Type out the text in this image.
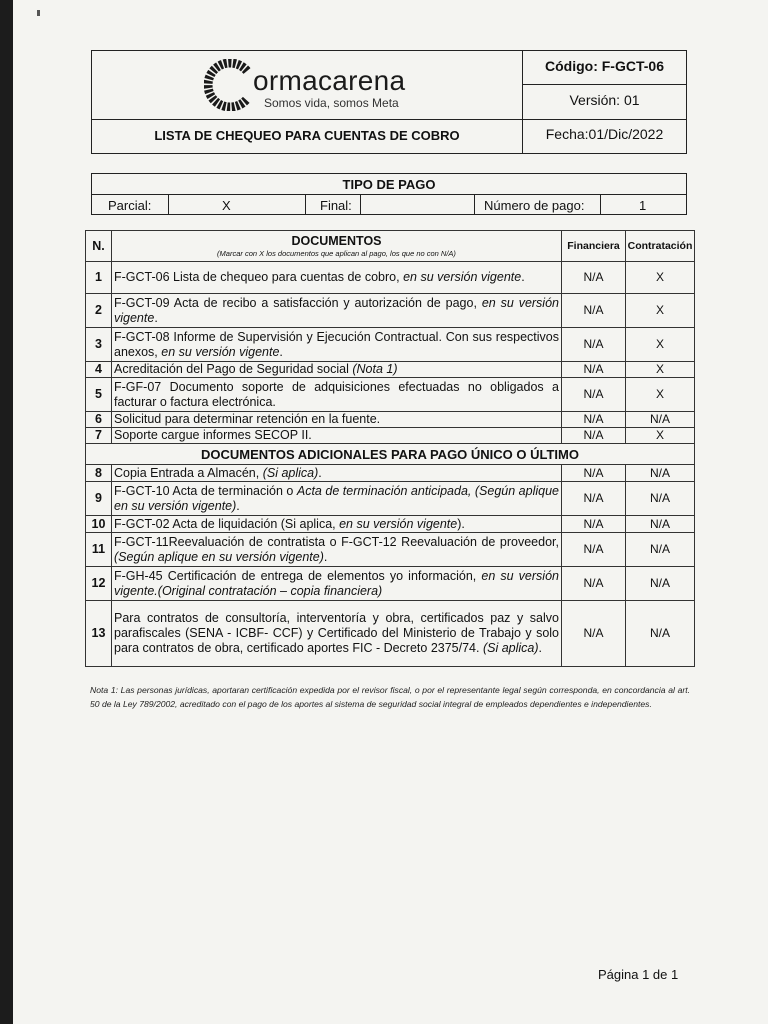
ormacarena
Somos vida, somos Meta
Código: F-GCT-06
Versión: 01
Fecha:01/Dic/2022
LISTA DE CHEQUEO PARA CUENTAS DE COBRO
TIPO DE PAGO
Parcial:	X	Final:	Número de pago:	1
N.	DOCUMENTOS
(Marcar con X los documentos que aplican al pago, los que no con N/A)	Financiera	Contratación
1	F-GCT-06 Lista de chequeo para cuentas de cobro, en su versión vigente.	N/A	X
2	F-GCT-09 Acta de recibo a satisfacción y autorización de pago, en su versión vigente.	N/A	X
3	F-GCT-08 Informe de Supervisión y Ejecución Contractual. Con sus respectivos anexos, en su versión vigente.	N/A	X
4	Acreditación del Pago de Seguridad social (Nota 1)	N/A	X
5	F-GF-07 Documento soporte de adquisiciones efectuadas no obligados a facturar o factura electrónica.	N/A	X
6	Solicitud para determinar retención en la fuente.	N/A	N/A
7	Soporte cargue informes SECOP II.	N/A	X
DOCUMENTOS ADICIONALES PARA PAGO ÚNICO O ÚLTIMO			
8	Copia Entrada a Almacén, (Si aplica).	N/A	N/A
9	F-GCT-10 Acta de terminación o Acta de terminación anticipada, (Según aplique en su versión vigente).	N/A	N/A
10	F-GCT-02 Acta de liquidación (Si aplica, en su versión vigente).	N/A	N/A
11	F-GCT-11Reevaluación de contratista o F-GCT-12 Reevaluación de proveedor, (Según aplique en su versión vigente).	N/A	N/A
12	F-GH-45 Certificación de entrega de elementos yo información, en su versión vigente.(Original contratación – copia financiera)	N/A	N/A
13	Para contratos de consultoría, interventoría y obra, certificados paz y salvo parafiscales (SENA - ICBF- CCF) y Certificado del Ministerio de Trabajo y solo para contratos de obra, certificado aportes FIC - Decreto 2375/74. (Si aplica).	N/A	N/A
Nota 1: Las personas jurídicas, aportaran certificación expedida por el revisor fiscal, o por el representante legal según corresponda, en concordancia al art. 50 de la Ley 789/2002, acreditado con el pago de los aportes al sistema de seguridad social integral de empleados dependientes e independientes.
Página 1 de 1
